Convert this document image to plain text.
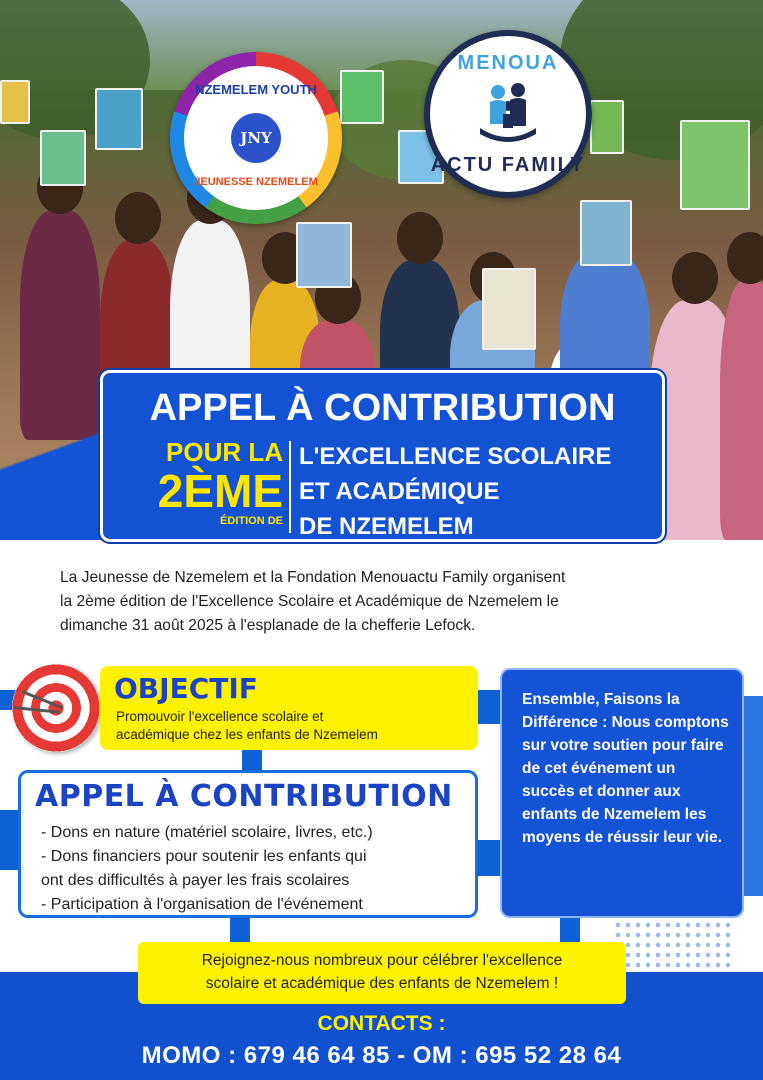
NZEMELEM YOUTH
JNY
JEUNESSE NZEMELEM
MENOUA
ACTU FAMILY
APPEL À CONTRIBUTION
POUR LA
2ÈME
ÉDITION DE
L'EXCELLENCE SCOLAIRE
ET ACADÉMIQUE
DE NZEMELEM
La Jeunesse de Nzemelem et la Fondation Menouactu Family organisent
la 2ème édition de l'Excellence Scolaire et Académique de Nzemelem le
dimanche 31 août 2025 à l'esplanade de la chefferie Lefock.
OBJECTIF
Promouvoir l'excellence scolaire et
académique chez les enfants de Nzemelem
APPEL À CONTRIBUTION
- Dons en nature (matériel scolaire, livres, etc.)
- Dons financiers pour soutenir les enfants qui
ont des difficultés à payer les frais scolaires
- Participation à l'organisation de l'événement
Ensemble, Faisons la Différence : Nous comptons sur votre soutien pour faire de cet événement un succès et donner aux enfants de Nzemelem les moyens de réussir leur vie.
Rejoignez-nous nombreux pour célébrer l'excellence
scolaire et académique des enfants de Nzemelem !
CONTACTS :
MOMO : 679 46 64 85 - OM : 695 52 28 64
